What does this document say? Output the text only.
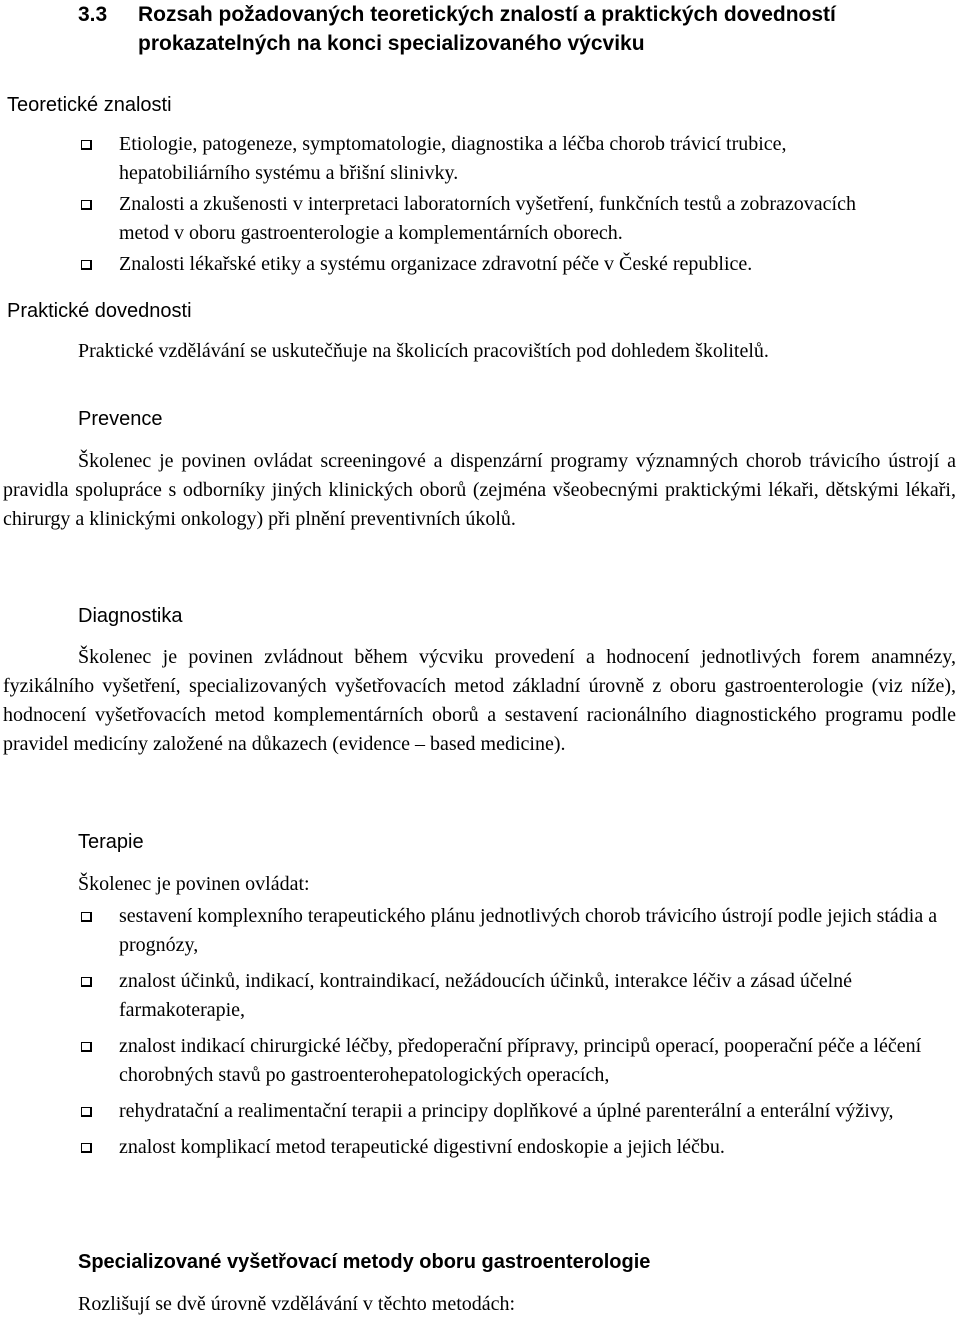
3.3 Rozsah požadovaných teoretických znalostí a praktických dovedností prokazatelných na konci specializovaného výcviku
Teoretické znalosti
Etiologie, patogeneze, symptomatologie, diagnostika a léčba chorob trávicí trubice, hepatobiliárního systému a břišní slinivky.
Znalosti a zkušenosti v interpretaci laboratorních vyšetření, funkčních testů a zobrazovacích metod v oboru gastroenterologie a komplementárních oborech.
Znalosti lékařské etiky a systému organizace zdravotní péče v České republice.
Praktické dovednosti
Praktické vzdělávání se uskutečňuje na školicích pracovištích pod dohledem školitelů.
Prevence
Školenec je povinen ovládat screeningové a dispenzární programy významných chorob trávicího ústrojí a pravidla spolupráce s odborníky jiných klinických oborů (zejména všeobecnými praktickými lékaři, dětskými lékaři, chirurgy a klinickými onkology) při plnění preventivních úkolů.
Diagnostika
Školenec je povinen zvládnout během výcviku provedení a hodnocení jednotlivých forem anamnézy, fyzikálního vyšetření, specializovaných vyšetřovacích metod základní úrovně z oboru gastroenterologie (viz níže), hodnocení vyšetřovacích metod komplementárních oborů a sestavení racionálního diagnostického programu podle pravidel medicíny založené na důkazech (evidence – based medicine).
Terapie
Školenec je povinen ovládat:
sestavení komplexního terapeutického plánu jednotlivých chorob trávicího ústrojí podle jejich stádia a prognózy,
znalost účinků, indikací, kontraindikací, nežádoucích účinků, interakce léčiv a zásad účelné farmakoterapie,
znalost indikací chirurgické léčby, předoperační přípravy, principů operací, pooperační péče a léčení chorobných stavů po gastroenterohepatologických operacích,
rehydratační a realimentační terapii a principy doplňkové a úplné parenterální a enterální výživy,
znalost komplikací metod terapeutické digestivní endoskopie a jejich léčbu.
Specializované vyšetřovací metody oboru gastroenterologie
Rozlišují se dvě úrovně vzdělávání v těchto metodách:
